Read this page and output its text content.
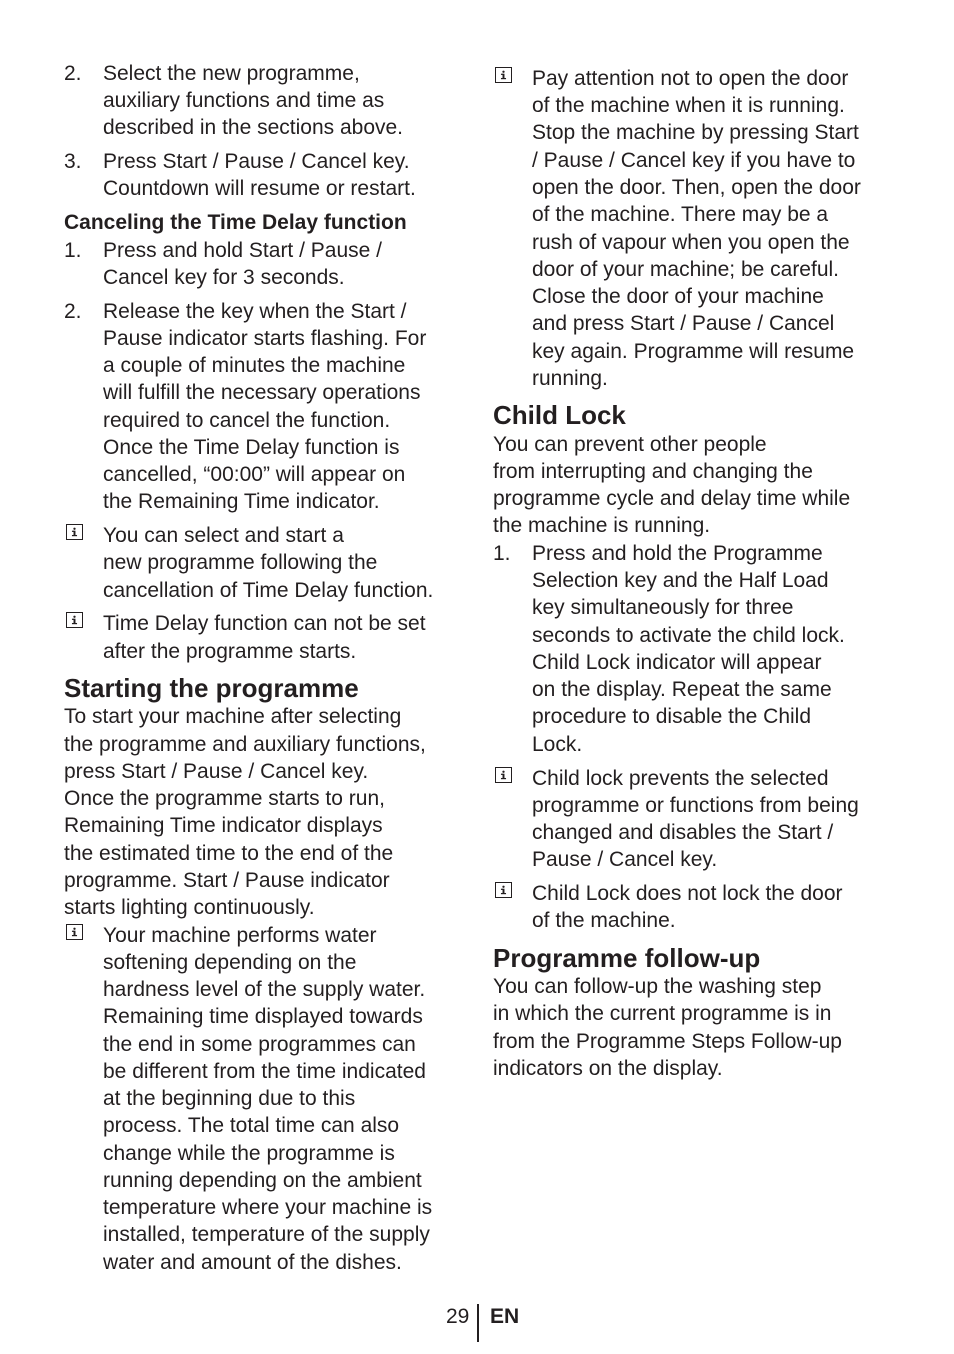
2. Select the new programme,
auxiliary functions and time as
described in the sections above.
3. Press Start / Pause / Cancel key.
Countdown will resume or restart.
Canceling the Time Delay function
1. Press and hold Start / Pause /
Cancel key for 3 seconds.
2. Release the key when the Start /
Pause indicator starts flashing. For
a couple of minutes the machine
will fulfill the necessary operations
required to cancel the function.
Once the Time Delay function is
cancelled, “00:00” will appear on
the Remaining Time indicator.
You can select and start a
new programme following the
cancellation of Time Delay function.
Time Delay function can not be set
after the programme starts.
Starting the programme
To start your machine after selecting
the programme and auxiliary functions,
press Start / Pause / Cancel key.
Once the programme starts to run,
Remaining Time indicator displays
the estimated time to the end of the
programme. Start / Pause indicator
starts lighting continuously.
Your machine performs water
softening depending on the
hardness level of the supply water.
Remaining time displayed towards
the end in some programmes can
be different from the time indicated
at the beginning due to this
process. The total time can also
change while the programme is
running depending on the ambient
temperature where your machine is
installed, temperature of the supply
water and amount of the dishes.
Pay attention not to open the door
of the machine when it is running.
Stop the machine by pressing Start
/ Pause / Cancel key if you have to
open the door. Then, open the door
of the machine. There may be a
rush of vapour when you open the
door of your machine; be careful.
Close the door of your machine
and press Start / Pause / Cancel
key again. Programme will resume
running.
Child Lock
You can prevent other people
from interrupting and changing the
programme cycle and delay time while
the machine is running.
1. Press and hold the Programme
Selection key and the Half Load
key simultaneously for three
seconds to activate the child lock.
Child Lock indicator will appear
on the display. Repeat the same
procedure to disable the Child
Lock.
Child lock prevents the selected
programme or functions from being
changed and disables the Start /
Pause / Cancel key.
Child Lock does not lock the door
of the machine.
Programme follow-up
You can follow-up the washing step
in which the current programme is in
from the Programme Steps Follow-up
indicators on the display.
29 EN
